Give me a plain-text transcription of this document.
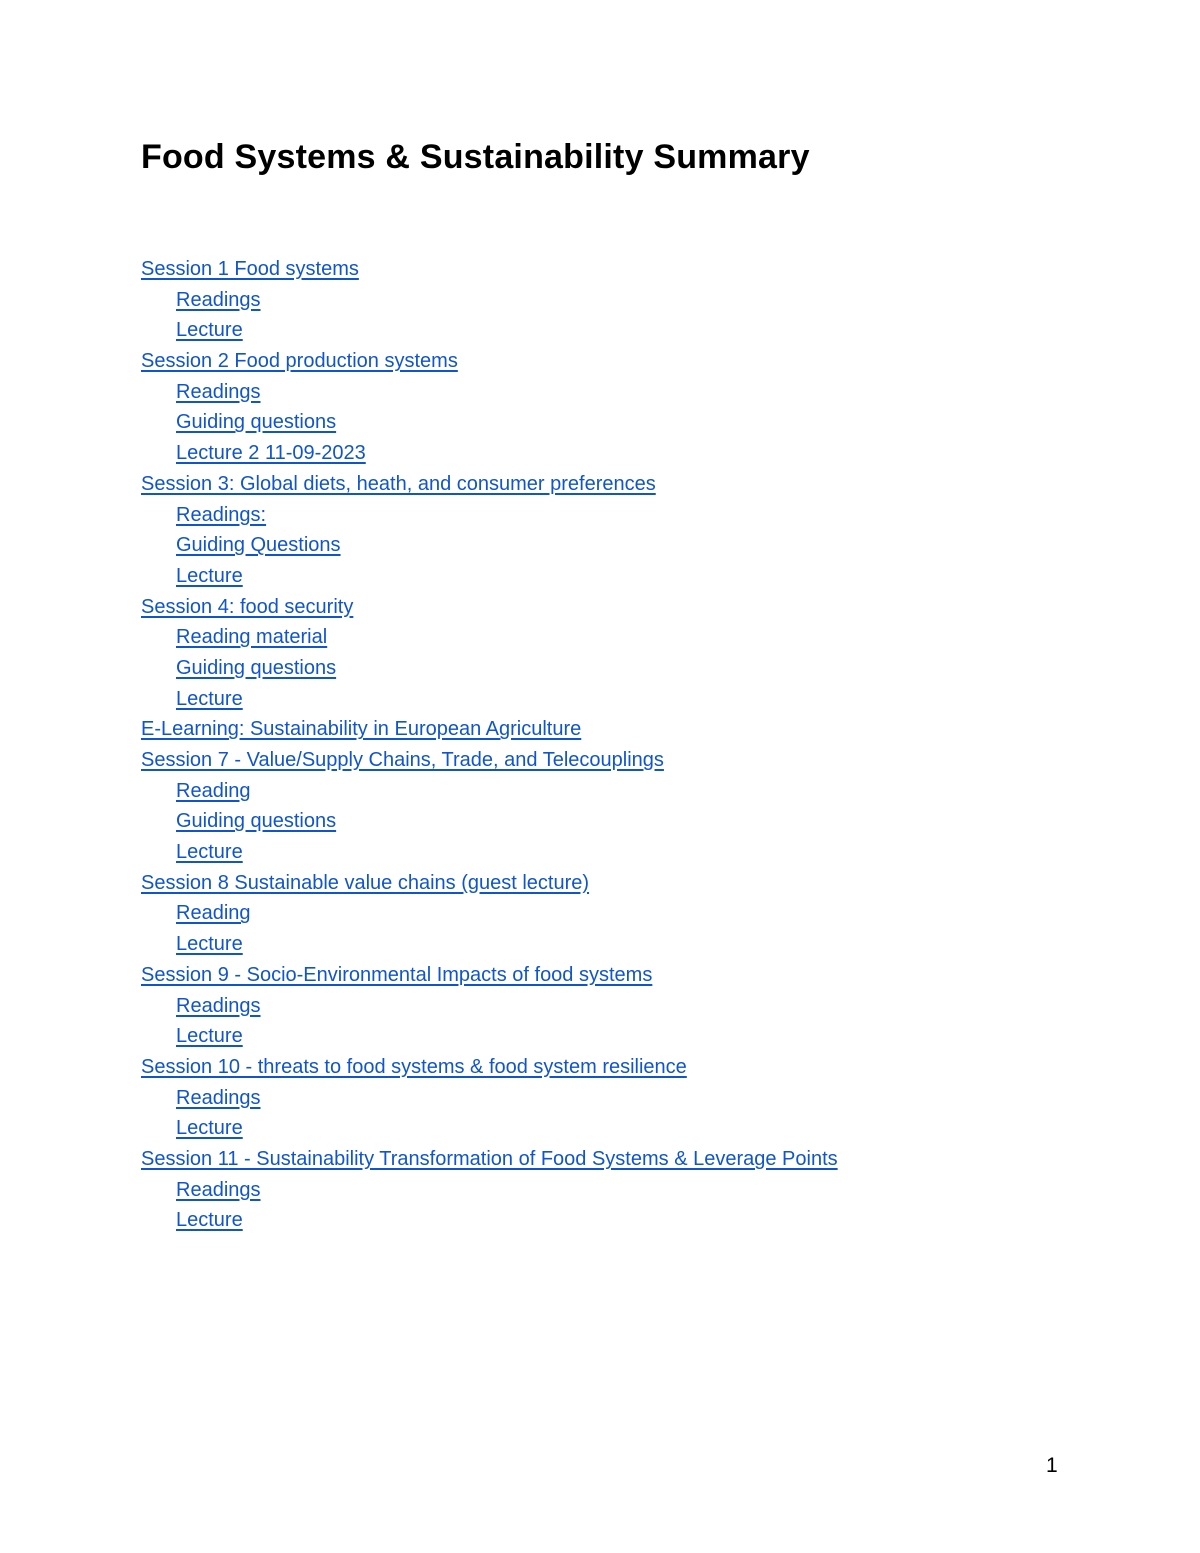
Food Systems & Sustainability Summary
Session 1 Food systems
Readings
Lecture
Session 2 Food production systems
Readings
Guiding questions
Lecture 2 11-09-2023
Session 3: Global diets, heath, and consumer preferences
Readings:
Guiding Questions
Lecture
Session 4: food security
Reading material
Guiding questions
Lecture
E-Learning: Sustainability in European Agriculture
Session 7 - Value/Supply Chains, Trade, and Telecouplings
Reading
Guiding questions
Lecture
Session 8 Sustainable value chains (guest lecture)
Reading
Lecture
Session 9 - Socio-Environmental Impacts of food systems
Readings
Lecture
Session 10 - threats to food systems & food system resilience
Readings
Lecture
Session 11 - Sustainability Transformation of Food Systems & Leverage Points
Readings
Lecture
1
